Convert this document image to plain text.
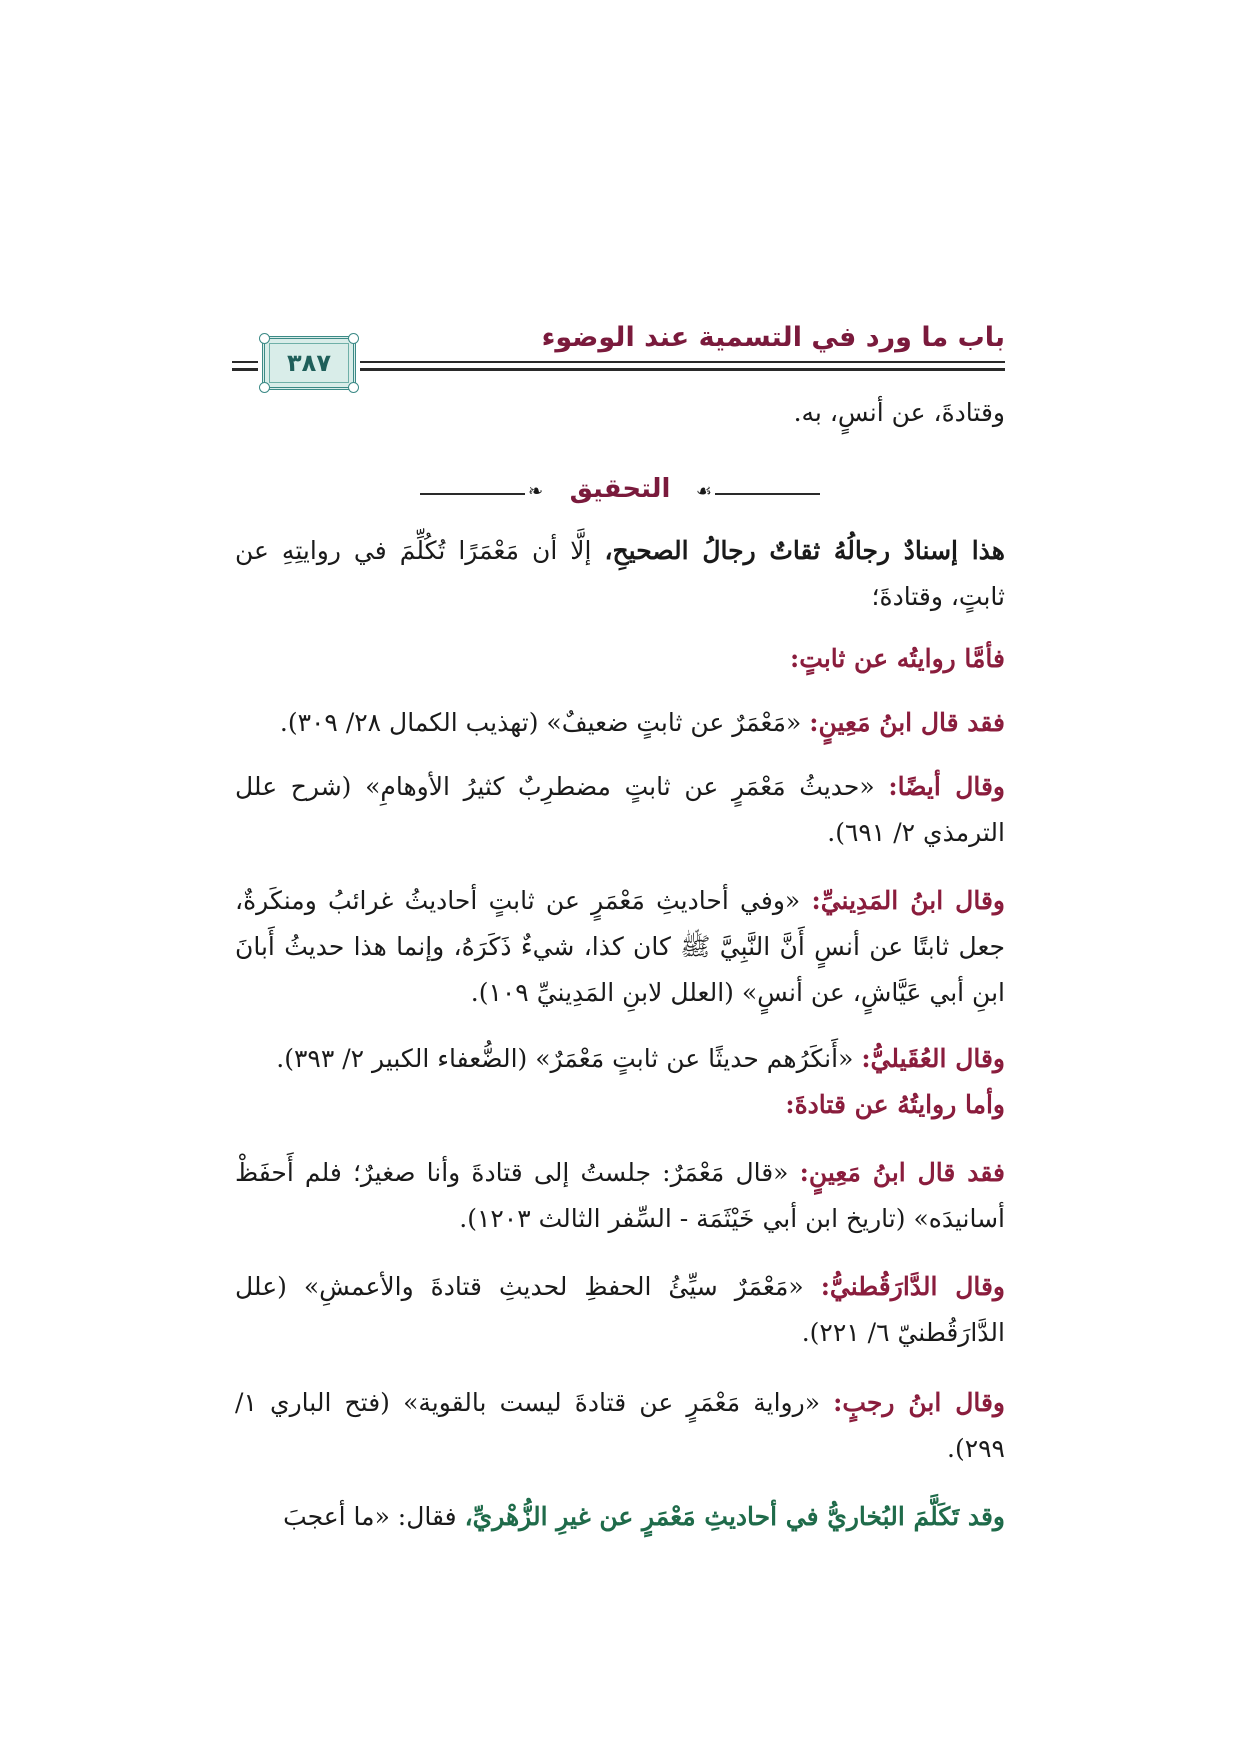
باب ما ورد في التسمية عند الوضوء
٣٨٧
وقتادةَ، عن أنسٍ، به.
❧	☙
التحقيق
هذا إسنادٌ رجالُهُ ثقاتٌ رجالُ الصحيحِ، إلَّا أن مَعْمَرًا تُكُلِّمَ في روايتِهِ عن ثابتٍ، وقتادةَ؛
فأمَّا روايتُه عن ثابتٍ:
فقد قال ابنُ مَعِينٍ: «مَعْمَرٌ عن ثابتٍ ضعيفٌ» (تهذيب الكمال ٢٨/ ٣٠٩).
وقال أيضًا: «حديثُ مَعْمَرٍ عن ثابتٍ مضطرِبٌ كثيرُ الأوهامِ» (شرح علل الترمذي ٢/ ٦٩١).
وقال ابنُ المَدِينيِّ: «وفي أحاديثِ مَعْمَرٍ عن ثابتٍ أحاديثُ غرائبُ ومنكَرةٌ، جعل ثابتًا عن أنسٍ أَنَّ النَّبِيَّ ﷺ كان كذا، شيءٌ ذَكَرَهُ، وإنما هذا حديثُ أَبانَ ابنِ أبي عَيَّاشٍ، عن أنسٍ» (العلل لابنِ المَدِينيِّ ١٠٩).
وقال العُقَيليُّ: «أَنكَرُهم حديثًا عن ثابتٍ مَعْمَرٌ» (الضُّعفاء الكبير ٢/ ٣٩٣).
وأما روايتُهُ عن قتادةَ:
فقد قال ابنُ مَعِينٍ: «قال مَعْمَرٌ: جلستُ إلى قتادةَ وأنا صغيرٌ؛ فلم أَحفَظْ أسانيدَه» (تاريخ ابن أبي خَيْثَمَة - السِّفر الثالث ١٢٠٣).
وقال الدَّارَقُطنيُّ: «مَعْمَرٌ سيِّئُ الحفظِ لحديثِ قتادةَ والأعمشِ» (علل الدَّارَقُطنيّ ٦/ ٢٢١).
وقال ابنُ رجبٍ: «رواية مَعْمَرٍ عن قتادةَ ليست بالقوية» (فتح الباري ١/ ٢٩٩).
وقد تَكَلَّمَ البُخاريُّ في أحاديثِ مَعْمَرٍ عن غيرِ الزُّهْريِّ، فقال: «ما أعجبَ
